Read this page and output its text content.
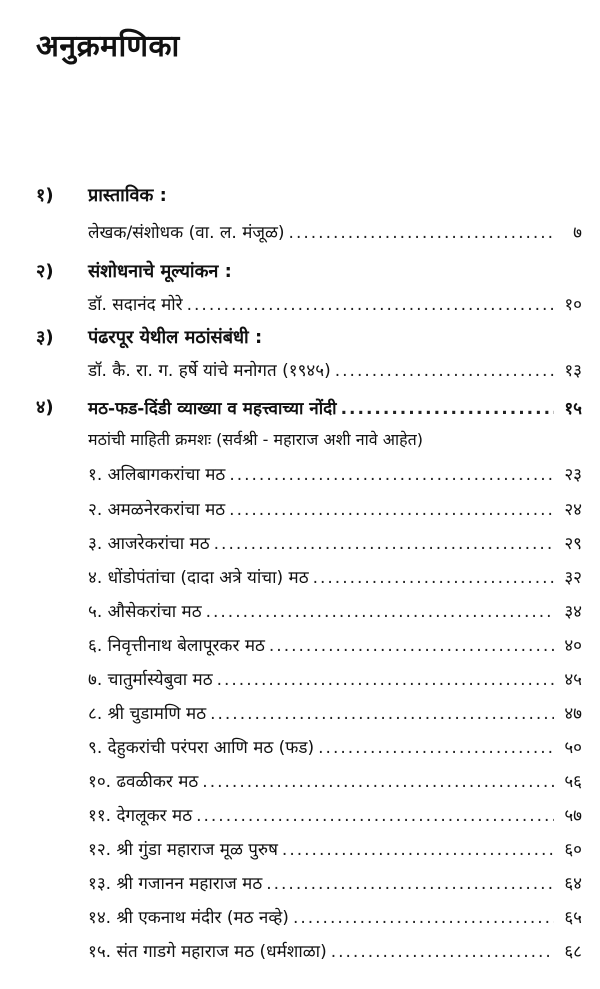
अनुक्रमणिका
१)	प्रास्ताविक :
लेखक/संशोधक (वा. ल. मंजूळ) .....	७
२)	संशोधनाचे मूल्यांकन :
डॉ. सदानंद मोरे .....	१०
३)	पंढरपूर येथील मठांसंबंधी :
डॉ. कै. रा. ग. हर्षे यांचे मनोगत (१९४५) .....	१३
४)	मठ-फड-दिंडी व्याख्या व महत्त्वाच्या नोंदी .....	१५
मठांची माहिती क्रमशः (सर्वश्री - महाराज अशी नावे आहेत)
१. अलिबागकरांचा मठ .....	२३
२. अमळनेरकरांचा मठ .....	२४
३. आजरेकरांचा मठ .....	२९
४. धोंडोपंतांचा (दादा अत्रे यांचा) मठ .....	३२
५. औसेकरांचा मठ .....	३४
६. निवृत्तीनाथ बेलापूरकर मठ .....	४०
७. चातुर्मास्येबुवा मठ .....	४५
८. श्री चुडामणि मठ .....	४७
९. देहुकरांची परंपरा आणि मठ (फड) .....	५०
१०. ढवळीकर मठ .....	५६
११. देगलूकर मठ .....	५७
१२. श्री गुंडा महाराज मूळ पुरुष .....	६०
१३. श्री गजानन महाराज मठ .....	६४
१४. श्री एकनाथ मंदीर (मठ नव्हे) .....	६५
१५. संत गाडगे महाराज मठ (धर्मशाळा) .....	६८
